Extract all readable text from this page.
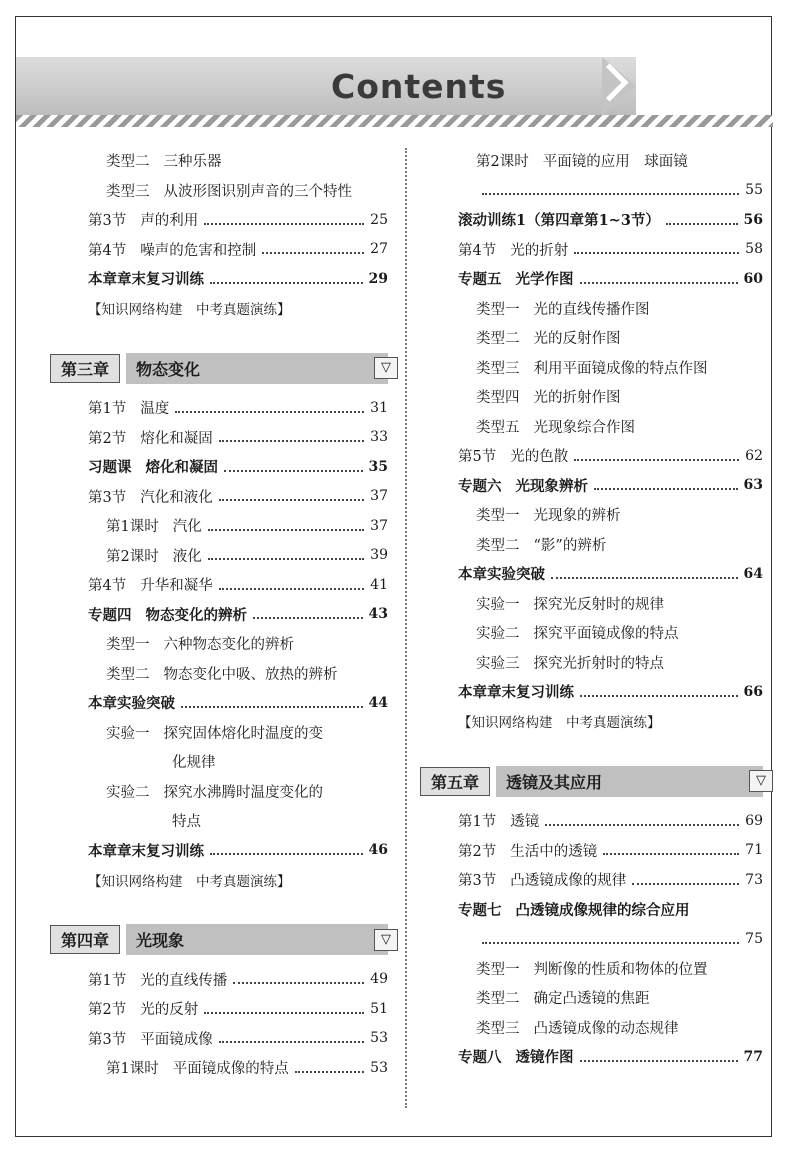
Contents
类型二 三种乐器
类型三 从波形图识别声音的三个特性
第3节 声的利用	25
第4节 噪声的危害和控制	27
本章章末复习训练	29
【知识网络构建　中考真题演练】
第三章	物态变化	▽
第1节 温度	31
第2节 熔化和凝固	33
习题课 熔化和凝固	35
第3节 汽化和液化	37
第1课时 汽化	37
第2课时 液化	39
第4节 升华和凝华	41
专题四 物态变化的辨析	43
类型一 六种物态变化的辨析
类型二 物态变化中吸、放热的辨析
本章实验突破	44
实验一 探究固体熔化时温度的变
化规律
实验二 探究水沸腾时温度变化的
特点
本章章末复习训练	46
【知识网络构建　中考真题演练】
第四章	光现象	▽
第1节 光的直线传播	49
第2节 光的反射	51
第3节 平面镜成像	53
第1课时 平面镜成像的特点	53
第2课时 平面镜的应用　球面镜
55
滚动训练1（第四章第1~3节）	56
第4节 光的折射	58
专题五 光学作图	60
类型一 光的直线传播作图
类型二 光的反射作图
类型三 利用平面镜成像的特点作图
类型四 光的折射作图
类型五 光现象综合作图
第5节 光的色散	62
专题六 光现象辨析	63
类型一 光现象的辨析
类型二 “影”的辨析
本章实验突破	64
实验一 探究光反射时的规律
实验二 探究平面镜成像的特点
实验三 探究光折射时的特点
本章章末复习训练	66
【知识网络构建　中考真题演练】
第五章	透镜及其应用	▽
第1节 透镜	69
第2节 生活中的透镜	71
第3节 凸透镜成像的规律	73
专题七 凸透镜成像规律的综合应用
75
类型一 判断像的性质和物体的位置
类型二 确定凸透镜的焦距
类型三 凸透镜成像的动态规律
专题八 透镜作图	77
